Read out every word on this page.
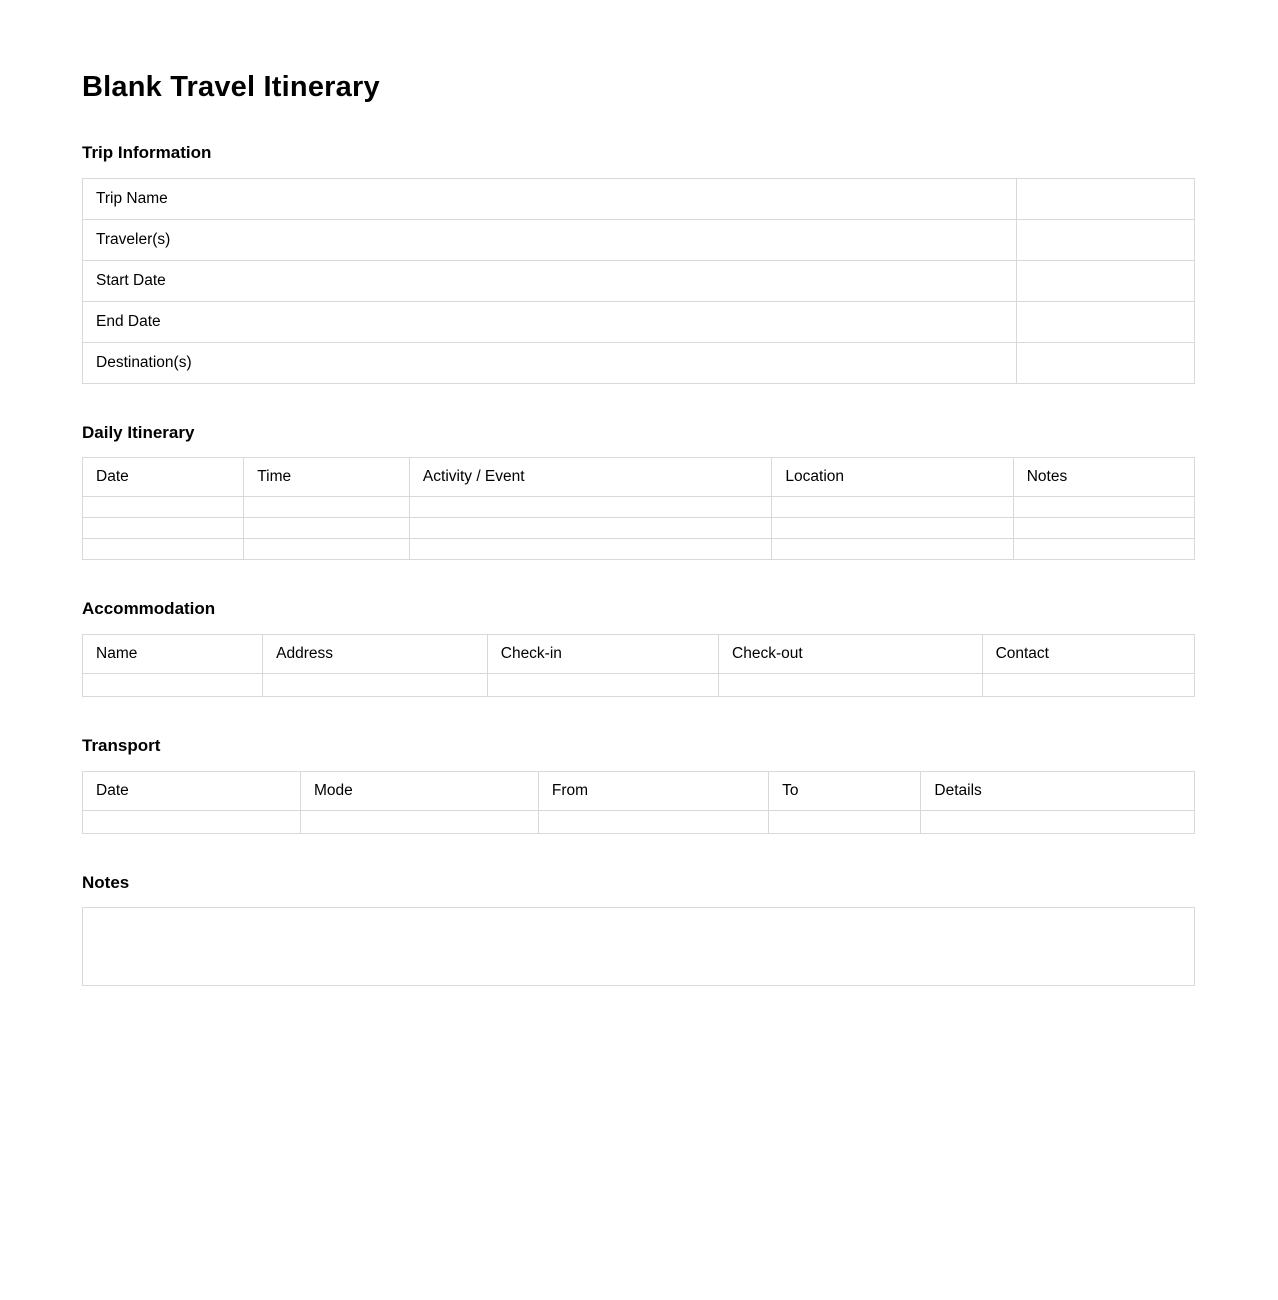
Blank Travel Itinerary
Trip Information
Trip Name	
Traveler(s)	
Start Date	
End Date	
Destination(s)	
Daily Itinerary
Date	Time	Activity / Event	Location	Notes

Accommodation
Name	Address	Check-in	Check-out	Contact

Transport
Date	Mode	From	To	Details

Notes
